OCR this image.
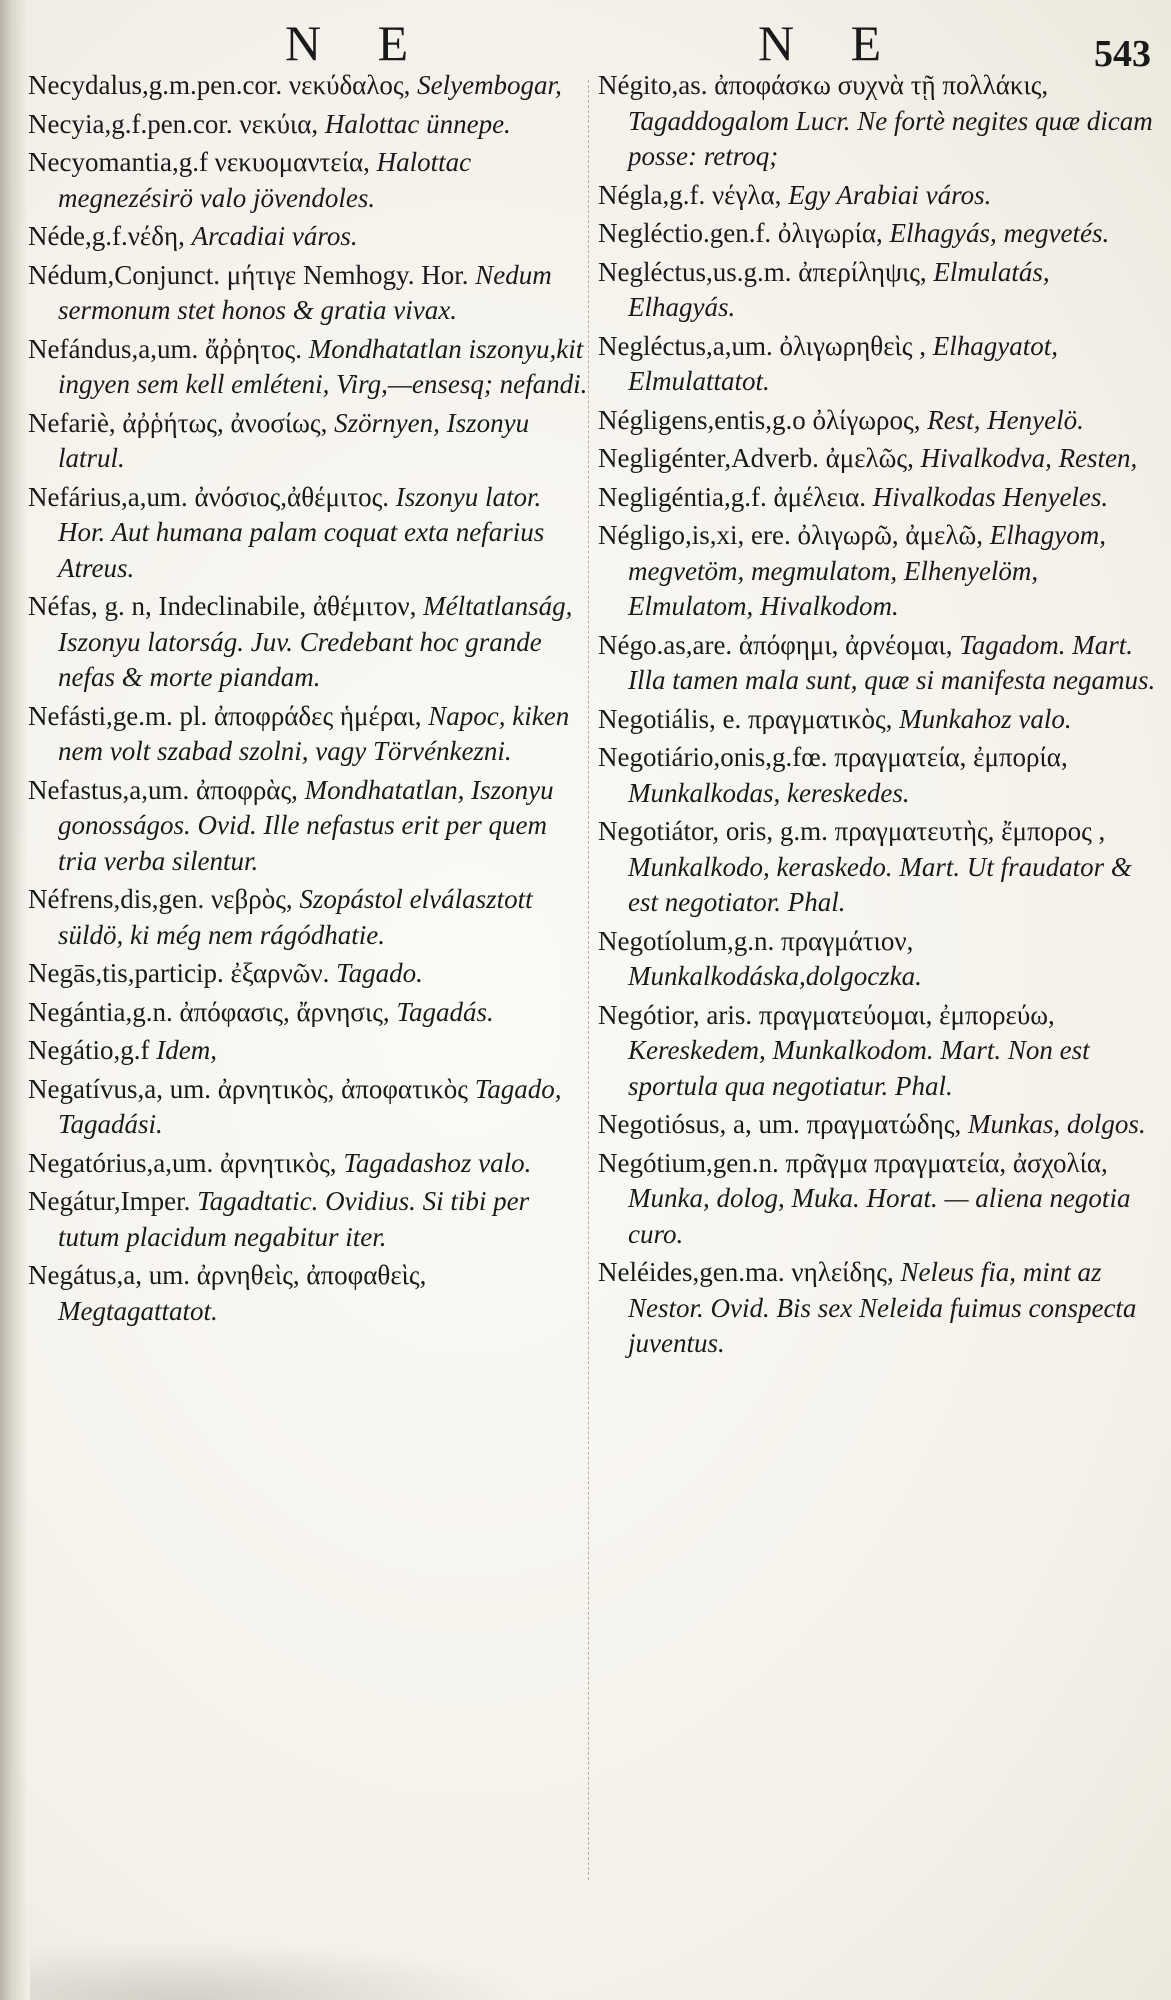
N E	N E	543

Necydalus,g.m.pen.cor. νεκύδαλος, Selyembogar,

Necyia,g.f.pen.cor. νεκύια, Halottac ünnepe.

Necyomantia,g.f νεκυομαντεία, Halottac megnezésirö valo jövendoles.

Néde,g.f.νέδη, Arcadiai város.

Nédum,Conjunct. μήτιγε Nemhogy. Hor. Nedum sermonum stet honos & gratia vivax.

Nefándus,a,um. ἄῤῥητος. Mondhatatlan iszonyu,kit ingyen sem kell emléteni, Virg,—ensesq; nefandi.

Nefariè, ἀῤῥήτως, ἀνοσίως, Szörnyen, Iszonyu latrul.

Nefárius,a,um. ἀνόσιος,ἀθέμιτος. Iszonyu lator. Hor. Aut humana palam coquat exta nefarius Atreus.

Néfas, g. n, Indeclinabile, ἀθέμιτον, Méltatlanság, Iszonyu latorság. Juv. Credebant hoc grande nefas & morte piandam.

Nefásti,ge.m. pl. ἀποφράδες ἡμέραι, Napoc, kiken nem volt szabad szolni, vagy Törvénkezni.

Nefastus,a,um. ἀποφρὰς, Mondhatatlan, Iszonyu gonosságos. Ovid. Ille nefastus erit per quem tria verba silentur.

Néfrens,dis,gen. νεβρὸς, Szopástol elválasztott süldö, ki még nem rágódhatie.

Negās,tis,particip. ἐξαρνῶν. Tagado.

Negántia,g.n. ἀπόφασις, ἄρνησις, Tagadás.

Negátio,g.f Idem,

Negatívus,a, um. ἀρνητικὸς, ἀποφατικὸς Tagado, Tagadási.

Negatórius,a,um. ἀρνητικὸς, Tagadashoz valo.

Negátur,Imper. Tagadtatic. Ovidius. Si tibi per tutum placidum negabitur iter.

Negátus,a, um. ἀρνηθεὶς, ἀποφαθεὶς, Megtagattatot.

Négito,as. ἀποφάσκω συχνὰ τῇ πολλάκις, Tagaddogalom Lucr. Ne fortè negites quæ dicam posse: retroq;

Négla,g.f. νέγλα, Egy Arabiai város.

Negléctio.gen.f. ὀλιγωρία, Elhagyás, megvetés.

Negléctus,us.g.m. ἀπερίληψις, Elmulatás, Elhagyás.

Negléctus,a,um. ὀλιγωρηθεὶς , Elhagyatot, Elmulattatot.

Négligens,entis,g.o ὀλίγωρος, Rest, Henyelö.

Negligénter,Adverb. ἀμελῶς, Hivalkodva, Resten,

Negligéntia,g.f. ἀμέλεια. Hivalkodas Henyeles.

Négligo,is,xi, ere. ὀλιγωρῶ, ἀμελῶ, Elhagyom, megvetöm, megmulatom, Elhenyelöm, Elmulatom, Hivalkodom.

Négo.as,are. ἀπόφημι, ἀρνέομαι, Tagadom. Mart. Illa tamen mala sunt, quæ si manifesta negamus.

Negotiális, e. πραγματικὸς, Munkahoz valo.

Negotiário,onis,g.fœ. πραγματεία, ἐμπορία, Munkalkodas, kereskedes.

Negotiátor, oris, g.m. πραγματευτὴς, ἔμπορος , Munkalkodo, keraskedo. Mart. Ut fraudator & est negotiator. Phal.

Negotíolum,g.n. πραγμάτιον, Munkalkodáska,dolgoczka.

Negótior, aris. πραγματεύομαι, ἐμπορεύω, Kereskedem, Munkalkodom. Mart. Non est sportula qua negotiatur. Phal.

Negotiósus, a, um. πραγματώδης, Munkas, dolgos.

Negótium,gen.n. πρᾶγμα πραγματεία, ἀσχολία, Munka, dolog, Muka. Horat. — aliena negotia curo.

Neléides,gen.ma. νηλείδης, Neleus fia, mint az Nestor. Ovid. Bis sex Neleida fuimus conspecta juventus.
